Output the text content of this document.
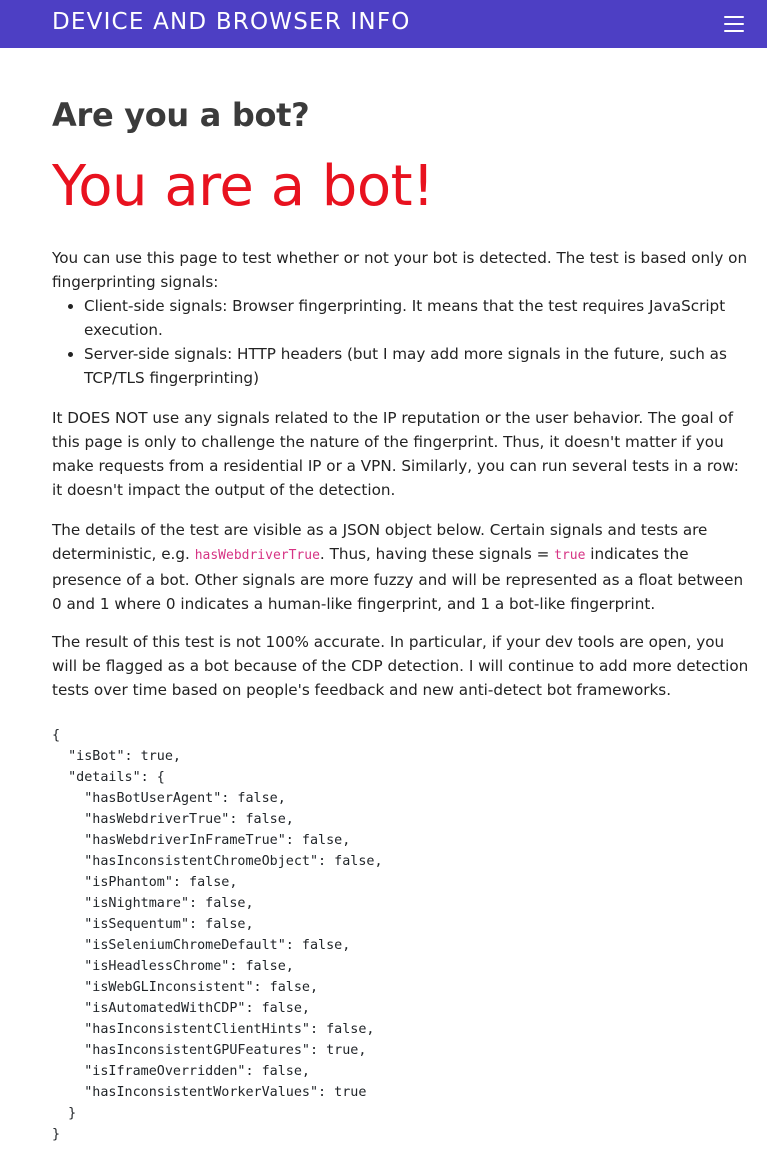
DEVICE AND BROWSER INFO
Are you a bot?
You are a bot!

You can use this page to test whether or not your bot is detected. The test is based only on fingerprinting signals:

• Client-side signals: Browser fingerprinting. It means that the test requires JavaScript execution.
• Server-side signals: HTTP headers (but I may add more signals in the future, such as TCP/TLS fingerprinting)

It DOES NOT use any signals related to the IP reputation or the user behavior. The goal of this page is only to challenge the nature of the fingerprint. Thus, it doesn't matter if you make requests from a residential IP or a VPN. Similarly, you can run several tests in a row: it doesn't impact the output of the detection.

The details of the test are visible as a JSON object below. Certain signals and tests are deterministic, e.g. hasWebdriverTrue. Thus, having these signals = true indicates the presence of a bot. Other signals are more fuzzy and will be represented as a float between 0 and 1 where 0 indicates a human-like fingerprint, and 1 a bot-like fingerprint.

The result of this test is not 100% accurate. In particular, if your dev tools are open, you will be flagged as a bot because of the CDP detection. I will continue to add more detection tests over time based on people's feedback and new anti-detect bot frameworks.

{
"isBot": true,
"details": {
"hasBotUserAgent": false,
"hasWebdriverTrue": false,
"hasWebdriverInFrameTrue": false,
"hasInconsistentChromeObject": false,
"isPhantom": false,
"isNightmare": false,
"isSequentum": false,
"isSeleniumChromeDefault": false,
"isHeadlessChrome": false,
"isWebGLInconsistent": false,
"isAutomatedWithCDP": false,
"hasInconsistentClientHints": false,
"hasInconsistentGPUFeatures": true,
"isIframeOverridden": false,
"hasInconsistentWorkerValues": true
}
}
